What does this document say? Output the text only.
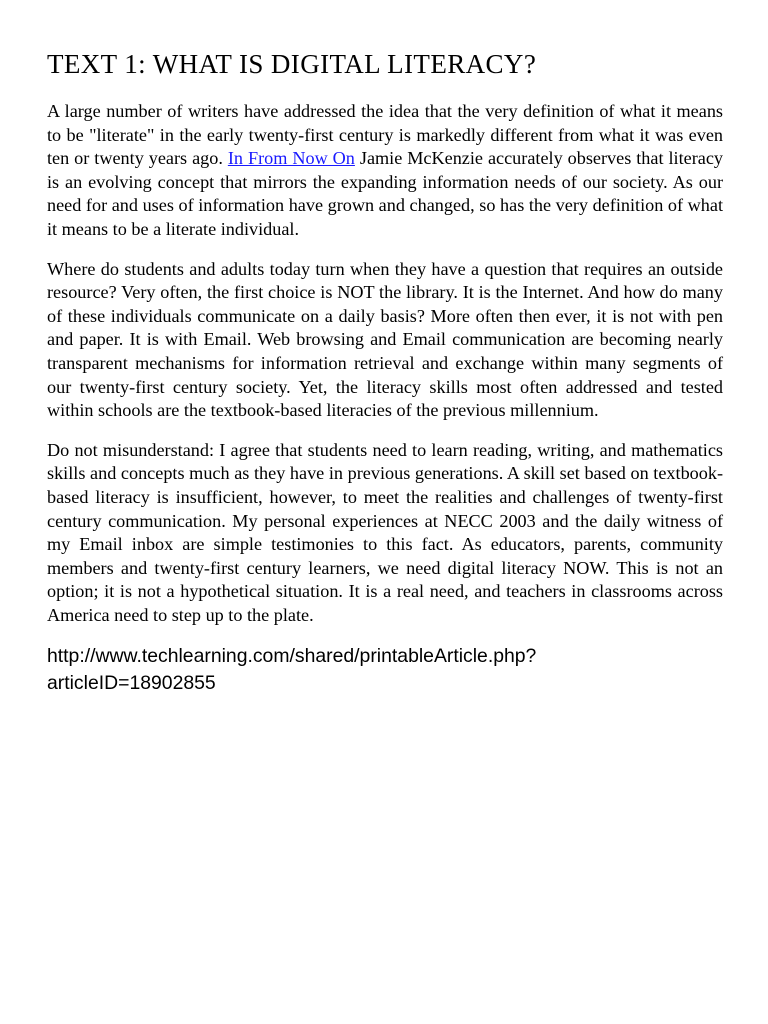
TEXT 1: WHAT IS DIGITAL LITERACY?

A large number of writers have addressed the idea that the very definition of what it means to be "literate" in the early twenty-first century is markedly different from what it was even ten or twenty years ago. In From Now On Jamie McKenzie accurately observes that literacy is an evolving concept that mirrors the expanding information needs of our society. As our need for and uses of information have grown and changed, so has the very definition of what it means to be a literate individual.

Where do students and adults today turn when they have a question that requires an outside resource? Very often, the first choice is NOT the library. It is the Internet. And how do many of these individuals communicate on a daily basis? More often then ever, it is not with pen and paper. It is with Email. Web browsing and Email communication are becoming nearly transparent mechanisms for information retrieval and exchange within many segments of our twenty-first century society. Yet, the literacy skills most often addressed and tested within schools are the textbook-based literacies of the previous millennium.

Do not misunderstand: I agree that students need to learn reading, writing, and mathematics skills and concepts much as they have in previous generations. A skill set based on textbook-based literacy is insufficient, however, to meet the realities and challenges of twenty-first century communication. My personal experiences at NECC 2003 and the daily witness of my Email inbox are simple testimonies to this fact. As educators, parents, community members and twenty-first century learners, we need digital literacy NOW. This is not an option; it is not a hypothetical situation. It is a real need, and teachers in classrooms across America need to step up to the plate.

http://www.techlearning.com/shared/printableArticle.php?
articleID=18902855
